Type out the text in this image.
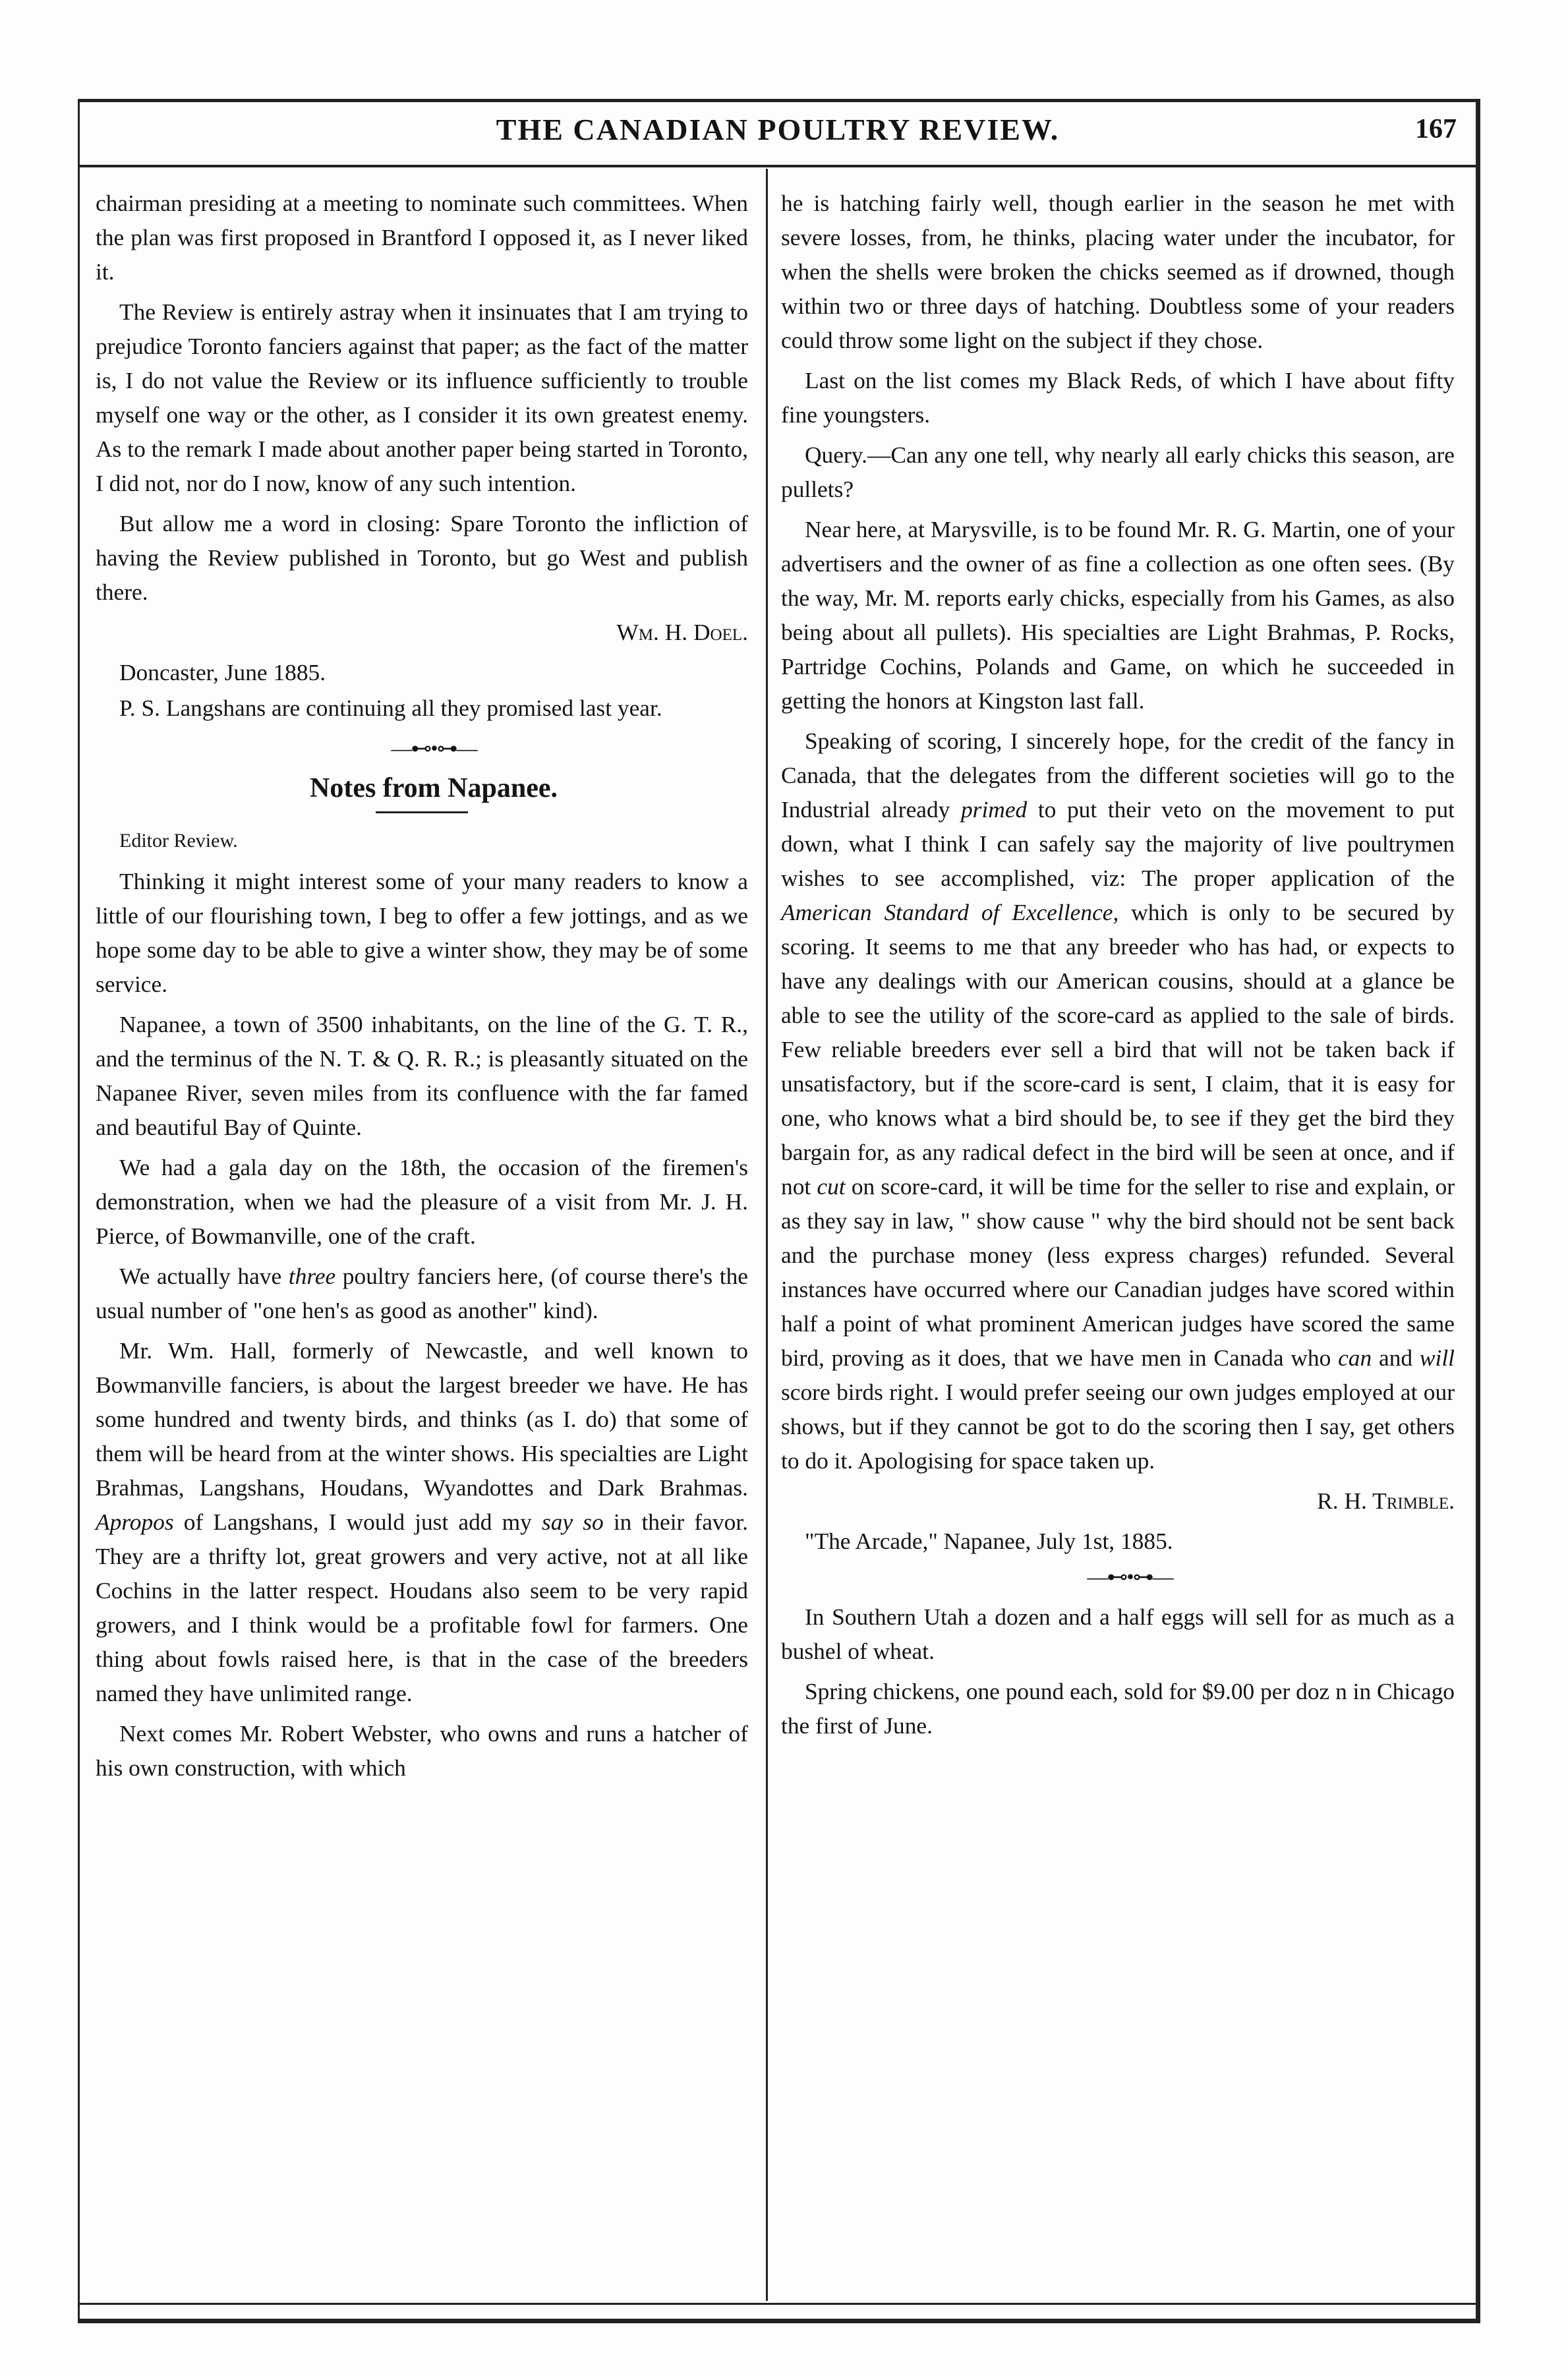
THE CANADIAN POULTRY REVIEW.	167

chairman presiding at a meeting to nominate such committees. When the plan was first proposed in Brantford I opposed it, as I never liked it.

The Review is entirely astray when it insinuates that I am trying to prejudice Toronto fanciers against that paper; as the fact of the matter is, I do not value the Review or its influence sufficiently to trouble myself one way or the other, as I consider it its own greatest enemy. As to the remark I made about another paper being started in Toronto, I did not, nor do I now, know of any such intention.

But allow me a word in closing: Spare Toronto the infliction of having the Review published in Toronto, but go West and publish there.

Wm. H. Doel.

Doncaster, June 1885.

P. S. Langshans are continuing all they promised last year.

—⊷•⊶—

Notes from Napanee.

Editor Review.

Thinking it might interest some of your many readers to know a little of our flourishing town, I beg to offer a few jottings, and as we hope some day to be able to give a winter show, they may be of some service.

Napanee, a town of 3500 inhabitants, on the line of the G. T. R., and the terminus of the N. T. & Q. R. R.; is pleasantly situated on the Napanee River, seven miles from its confluence with the far famed and beautiful Bay of Quinte.

We had a gala day on the 18th, the occasion of the firemen's demonstration, when we had the pleasure of a visit from Mr. J. H. Pierce, of Bowmanville, one of the craft.

We actually have three poultry fanciers here, (of course there's the usual number of "one hen's as good as another" kind).

Mr. Wm. Hall, formerly of Newcastle, and well known to Bowmanville fanciers, is about the largest breeder we have. He has some hundred and twenty birds, and thinks (as I. do) that some of them will be heard from at the winter shows. His specialties are Light Brahmas, Langshans, Houdans, Wyandottes and Dark Brahmas. Apropos of Langshans, I would just add my say so in their favor. They are a thrifty lot, great growers and very active, not at all like Cochins in the latter respect. Houdans also seem to be very rapid growers, and I think would be a profitable fowl for farmers. One thing about fowls raised here, is that in the case of the breeders named they have unlimited range.

Next comes Mr. Robert Webster, who owns and runs a hatcher of his own construction, with which

he is hatching fairly well, though earlier in the season he met with severe losses, from, he thinks, placing water under the incubator, for when the shells were broken the chicks seemed as if drowned, though within two or three days of hatching. Doubtless some of your readers could throw some light on the subject if they chose.

Last on the list comes my Black Reds, of which I have about fifty fine youngsters.

Query.—Can any one tell, why nearly all early chicks this season, are pullets?

Near here, at Marysville, is to be found Mr. R. G. Martin, one of your advertisers and the owner of as fine a collection as one often sees. (By the way, Mr. M. reports early chicks, especially from his Games, as also being about all pullets). His specialties are Light Brahmas, P. Rocks, Partridge Cochins, Polands and Game, on which he succeeded in getting the honors at Kingston last fall.

Speaking of scoring, I sincerely hope, for the credit of the fancy in Canada, that the delegates from the different societies will go to the Industrial already primed to put their veto on the movement to put down, what I think I can safely say the majority of live poultrymen wishes to see accomplished, viz: The proper application of the American Standard of Excellence, which is only to be secured by scoring. It seems to me that any breeder who has had, or expects to have any dealings with our American cousins, should at a glance be able to see the utility of the score-card as applied to the sale of birds. Few reliable breeders ever sell a bird that will not be taken back if unsatisfactory, but if the score-card is sent, I claim, that it is easy for one, who knows what a bird should be, to see if they get the bird they bargain for, as any radical defect in the bird will be seen at once, and if not cut on score-card, it will be time for the seller to rise and explain, or as they say in law, " show cause " why the bird should not be sent back and the purchase money (less express charges) refunded. Several instances have occurred where our Canadian judges have scored within half a point of what prominent American judges have scored the same bird, proving as it does, that we have men in Canada who can and will score birds right. I would prefer seeing our own judges employed at our shows, but if they cannot be got to do the scoring then I say, get others to do it. Apologising for space taken up.

R. H. Trimble.

"The Arcade," Napanee, July 1st, 1885.

—⊷•⊶—

In Southern Utah a dozen and a half eggs will sell for as much as a bushel of wheat.

Spring chickens, one pound each, sold for $9.00 per doz n in Chicago the first of June.
